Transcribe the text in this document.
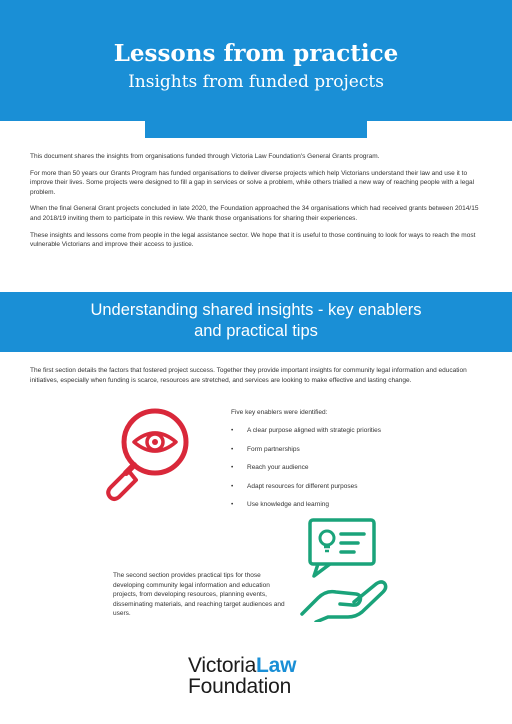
Lessons from practice
Insights from funded projects

This document shares the insights from organisations funded through Victoria Law Foundation's General Grants program.

For more than 50 years our Grants Program has funded organisations to deliver diverse projects which help Victorians understand their law and use it to improve their lives. Some projects were designed to fill a gap in services or solve a problem, while others trialled a new way of reaching people with a legal problem.

When the final General Grant projects concluded in late 2020, the Foundation approached the 34 organisations which had received grants between 2014/15 and 2018/19 inviting them to participate in this review. We thank those organisations for sharing their experiences.

These insights and lessons come from people in the legal assistance sector. We hope that it is useful to those continuing to look for ways to reach the most vulnerable Victorians and improve their access to justice.

Understanding shared insights - key enablers
and practical tips

The first section details the factors that fostered project success. Together they provide important insights for community legal information and education initiatives, especially when funding is scarce, resources are stretched, and services are looking to make effective and lasting change.

Five key enablers were identified:
•	A clear purpose aligned with strategic priorities
•	Form partnerships
•	Reach your audience
•	Adapt resources for different purposes
•	Use knowledge and learning

The second section provides practical tips for those developing community legal information and education projects, from developing resources, planning events, disseminating materials, and reaching target audiences and users.

VictoriaLaw
Foundation
